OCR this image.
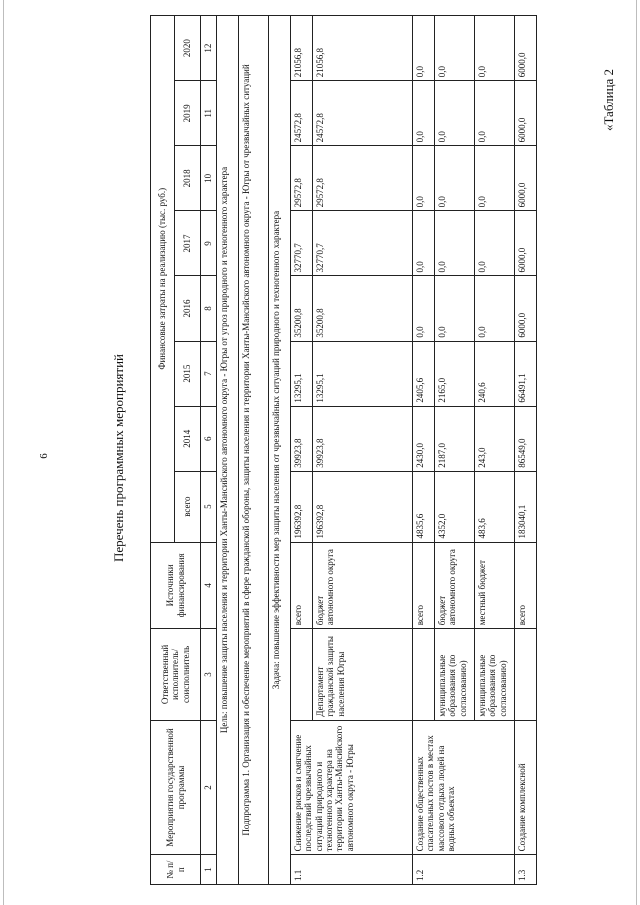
6	Перечень программных мероприятий
«Таблица 2
№ п/п	Мероприятия государственной программы	Ответственный исполнитель/соисполнитель	Источники финансирования	Финансовые затраты на реализацию (тыс. руб.)							
				всего	2014	2015	2016	2017	2018	2019	2020
1	2	3	4	5	6	7	8	9	10	11	12
Цель: повышение защиты населения и территории Ханты-Мансийского автономного округа - Югры от угроз природного и техногенного характера											
Подпрограмма 1. Организация и обеспечение мероприятий в сфере гражданской обороны, защиты населения и территории Ханты-Мансийского автономного округа - Югры от чрезвычайных ситуаций											
Задача: повышение эффективности мер защиты населения от чрезвычайных ситуаций природного и техногенного характера											
1.1	Снижение рисков и смягчение последствий чрезвычайных ситуаций природного и техногенного характера на территории Ханты-Мансийского автономного округа - Югры		всего	196392,8	39923,8	13295,1	35200,8	32770,7	29572,8	24572,8	21056,8
		Департамент гражданской защиты населения Югры	бюджет автономного округа	196392,8	39923,8	13295,1	35200,8	32770,7	29572,8	24572,8	21056,8
1.2	Создание общественных спасательных постов в местах массового отдыха людей на водных объектах		всего	4835,6	2430,0	2405,6	0,0	0,0	0,0	0,0	0,0
		муниципальные образования (по согласованию)	бюджет автономного округа	4352,0	2187,0	2165,0	0,0	0,0	0,0	0,0	0,0
		муниципальные образования (по согласованию)	местный бюджет	483,6	243,0	240,6	0,0	0,0	0,0	0,0	0,0
1.3	Создание комплексной		всего	183040,1	86549,0	66491,1	6000,0	6000,0	6000,0	6000,0	6000,0
